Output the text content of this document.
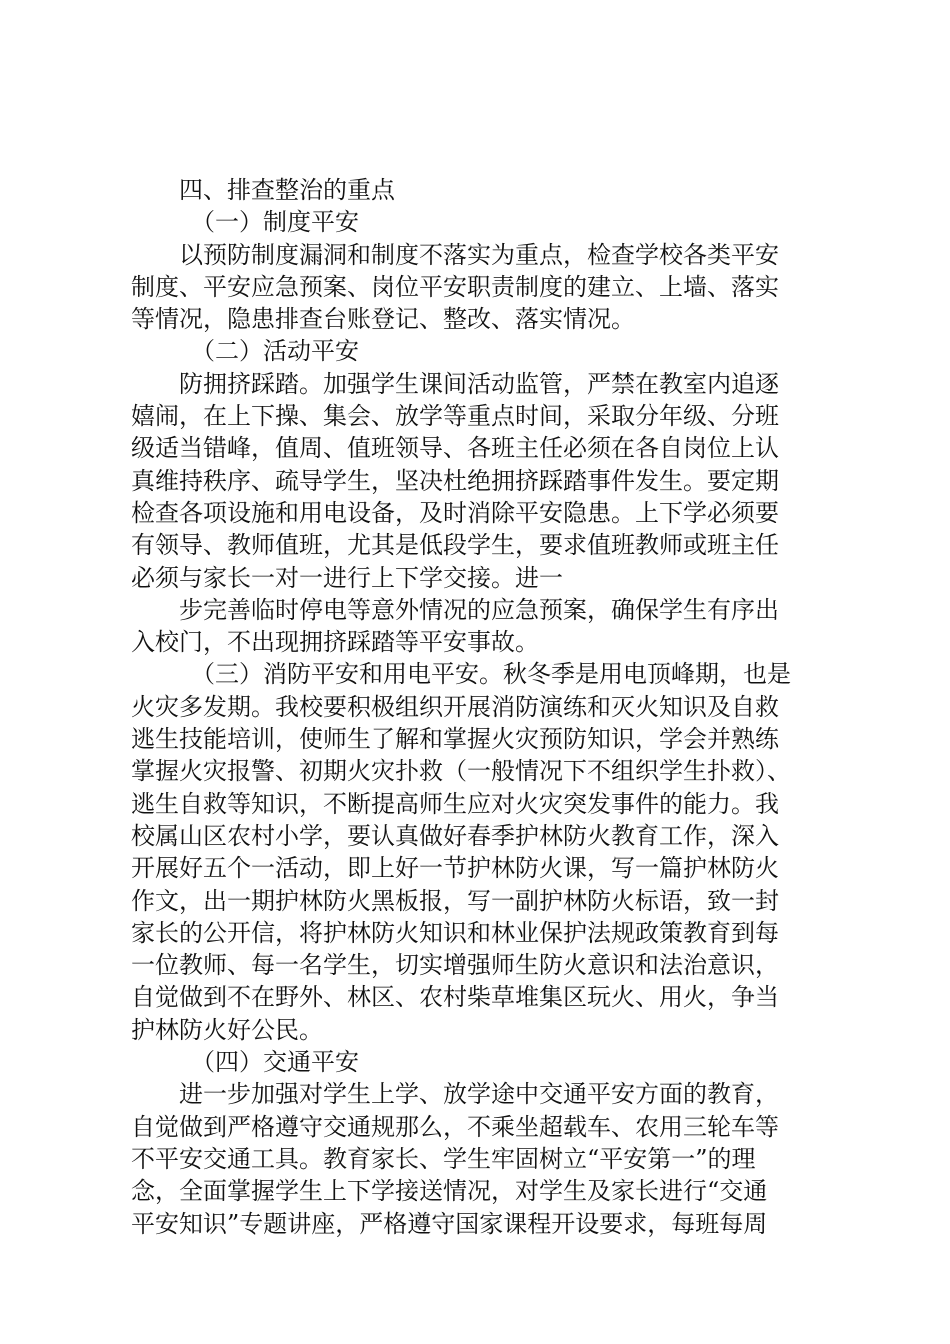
四、排查整治的重点
（一）制度平安
以预防制度漏洞和制度不落实为重点，检查学校各类平安
制度、平安应急预案、岗位平安职责制度的建立、上墙、落实
等情况，隐患排查台账登记、整改、落实情况。
（二）活动平安
防拥挤踩踏。加强学生课间活动监管，严禁在教室内追逐
嬉闹，在上下操、集会、放学等重点时间，采取分年级、分班
级适当错峰，值周、值班领导、各班主任必须在各自岗位上认
真维持秩序、疏导学生，坚决杜绝拥挤踩踏事件发生。要定期
检查各项设施和用电设备，及时消除平安隐患。上下学必须要
有领导、教师值班，尤其是低段学生，要求值班教师或班主任
必须与家长一对一进行上下学交接。进一
步完善临时停电等意外情况的应急预案，确保学生有序出
入校门，不出现拥挤踩踏等平安事故。
（三）消防平安和用电平安。秋冬季是用电顶峰期，也是
火灾多发期。我校要积极组织开展消防演练和灭火知识及自救
逃生技能培训，使师生了解和掌握火灾预防知识，学会并熟练
掌握火灾报警、初期火灾扑救（一般情况下不组织学生扑救）、
逃生自救等知识，不断提高师生应对火灾突发事件的能力。我
校属山区农村小学，要认真做好春季护林防火教育工作，深入
开展好五个一活动，即上好一节护林防火课，写一篇护林防火
作文，出一期护林防火黑板报，写一副护林防火标语，致一封
家长的公开信，将护林防火知识和林业保护法规政策教育到每
一位教师、每一名学生，切实增强师生防火意识和法治意识，
自觉做到不在野外、林区、农村柴草堆集区玩火、用火，争当
护林防火好公民。
（四）交通平安
进一步加强对学生上学、放学途中交通平安方面的教育，
自觉做到严格遵守交通规那么，不乘坐超载车、农用三轮车等
不平安交通工具。教育家长、学生牢固树立“平安第一”的理
念，全面掌握学生上下学接送情况，对学生及家长进行“交通
平安知识”专题讲座，严格遵守国家课程开设要求，每班每周
